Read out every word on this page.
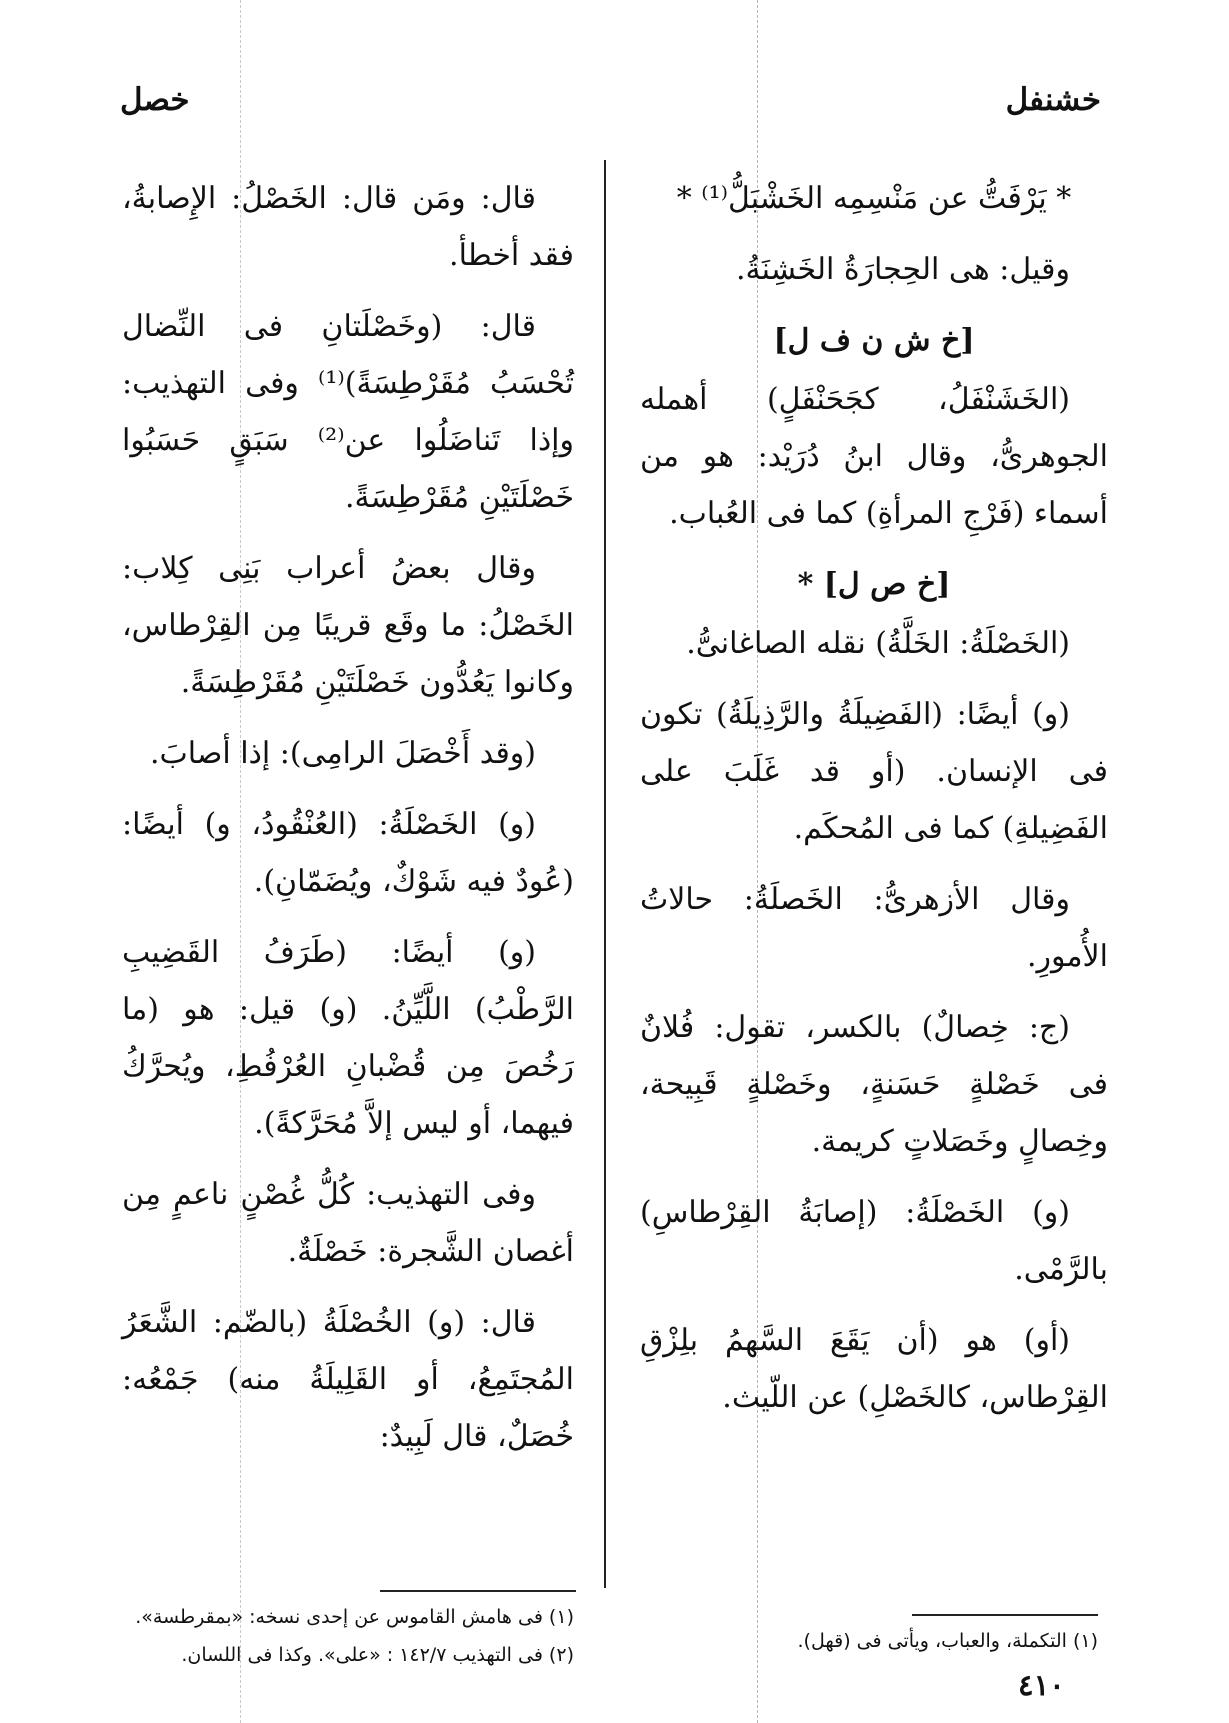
خشنفل
خصل

* يَرْفَتُّ عن مَنْسِمِه الخَشْبَلُّ⁽¹⁾ *

وقيل: هى الحِجارَةُ الخَشِنَةُ.

[خ ش ن ف ل]

(الخَشَنْفَلُ، كجَحَنْفَلٍ) أهمله الجوهرىُّ، وقال ابنُ دُرَيْد: هو من أسماء (فَرْجِ المرأةِ) كما فى العُباب.

[خ ص ل] *

(الخَصْلَةُ: الخَلَّةُ) نقله الصاغانىُّ.

(و) أيضًا: (الفَضِيلَةُ والرَّذِيلَةُ) تكون فى الإنسان. (أو قد غَلَبَ على الفَضِيلةِ) كما فى المُحكَم.

وقال الأزهرىُّ: الخَصلَةُ: حالاتُ الأُمورِ.

(ج: خِصالٌ) بالكسر، تقول: فُلانٌ فى خَصْلةٍ حَسَنةٍ، وخَصْلةٍ قَبِيحة، وخِصالٍ وخَصَلاتٍ كريمة.

(و) الخَصْلَةُ: (إصابَةُ القِرْطاسِ) بالرَّمْى.

(أو) هو (أن يَقَعَ السَّهمُ بلِزْقِ القِرْطاس، كالخَصْلِ) عن اللّيث.

قال: ومَن قال: الخَصْلُ: الإِصابةُ، فقد أخطأ.

قال: (وخَصْلَتانِ فى النِّضال تُحْسَبُ مُقَرْطِسَةً)⁽¹⁾ وفى التهذيب: وإذا تَناضَلُوا عن⁽²⁾ سَبَقٍ حَسَبُوا خَصْلَتَيْنِ مُقَرْطِسَةً.

وقال بعضُ أعراب بَنِى كِلاب: الخَصْلُ: ما وقَع قريبًا مِن القِرْطاس، وكانوا يَعُدُّون خَصْلَتَيْنِ مُقَرْطِسَةً.

(وقد أَخْصَلَ الرامِى): إذا أصابَ.

(و) الخَصْلَةُ: (العُنْقُودُ، و) أيضًا: (عُودٌ فيه شَوْكٌ، ويُضَمّانِ).

(و) أيضًا: (طَرَفُ القَضِيبِ الرَّطْبُ) اللَّيِّنُ. (و) قيل: هو (ما رَخُصَ مِن قُضْبانِ العُرْفُطِ، ويُحرَّكُ فيهما، أو ليس إلاَّ مُحَرَّكةً).

وفى التهذيب: كُلُّ غُصْنٍ ناعمٍ مِن أغصان الشَّجرة: خَصْلَةٌ.

قال: (و) الخُصْلَةُ (بالضّم: الشَّعَرُ المُجتَمِعُ، أو القَلِيلَةُ منه) جَمْعُه: خُصَلٌ، قال لَبِيدٌ:

(١) التكملة، والعباب، ويأتى فى (قهل).
(١) فى هامش القاموس عن إحدى نسخه: «بمقرطسة».
(٢) فى التهذيب ١٤٢/٧ : «على». وكذا فى اللسان.
٤١٠
